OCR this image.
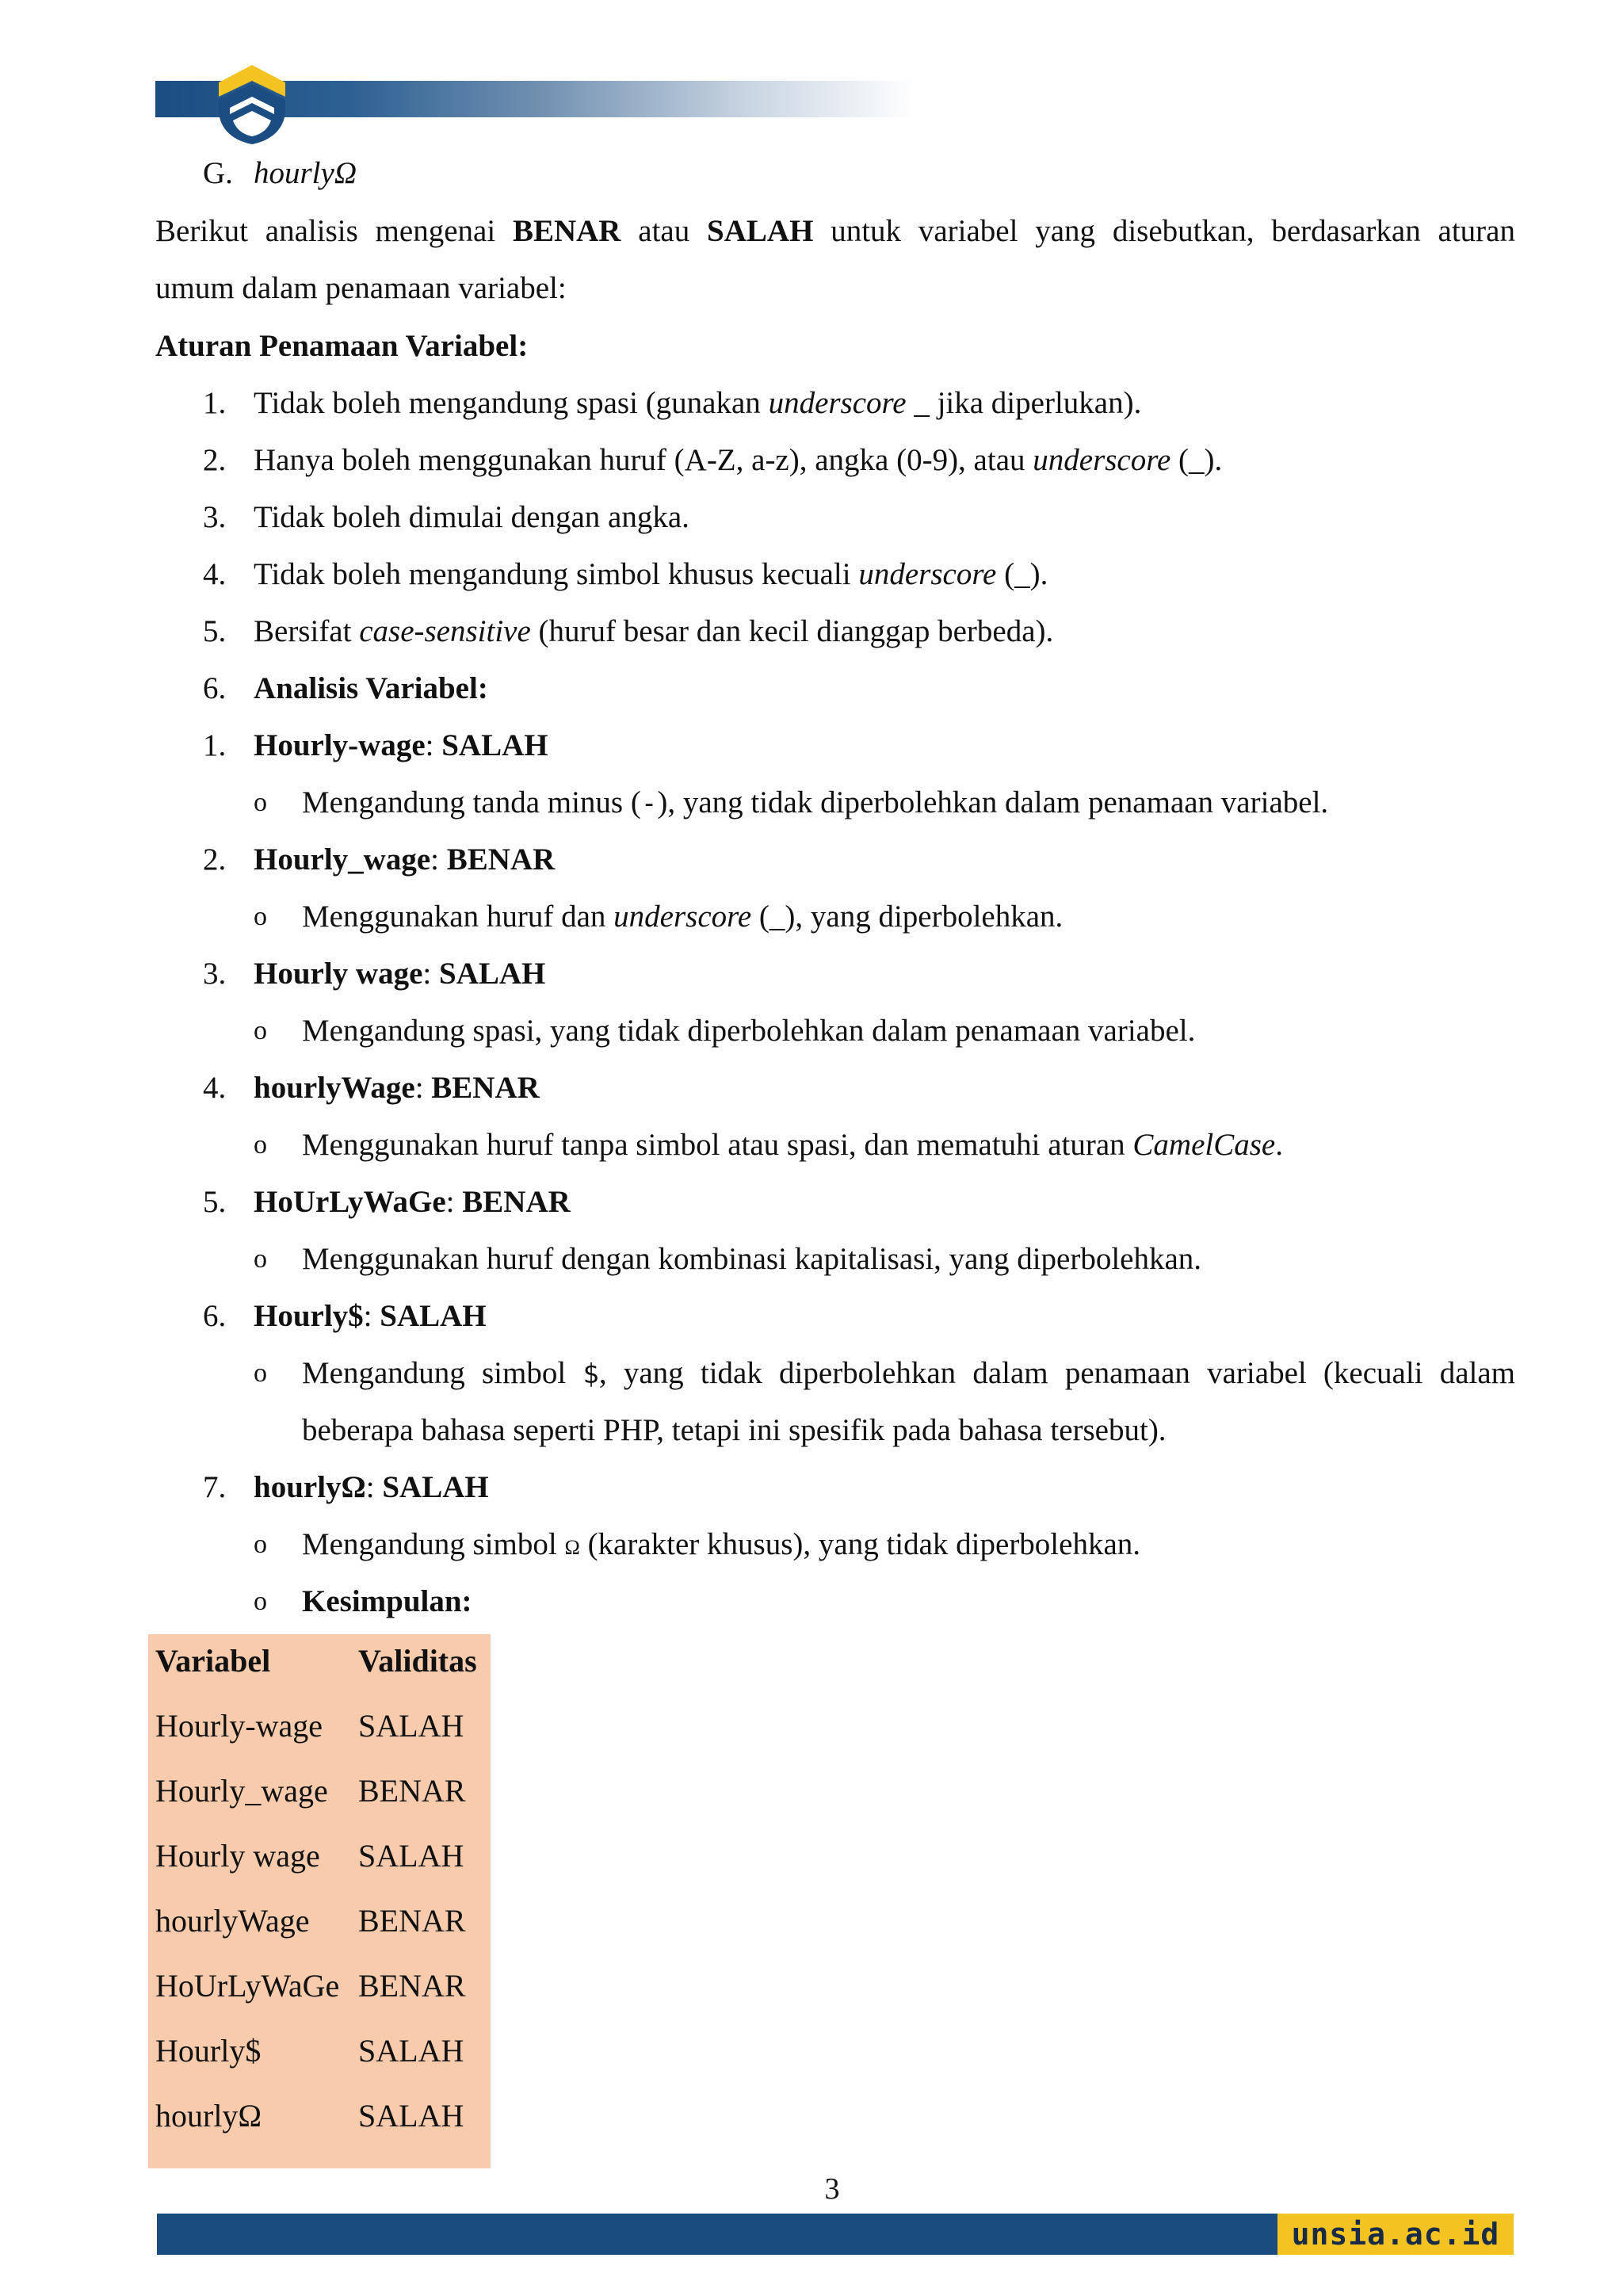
G. hourlyΩ
Berikut analisis mengenai BENAR atau SALAH untuk variabel yang disebutkan, berdasarkan aturan
umum dalam penamaan variabel:
Aturan Penamaan Variabel:
1. Tidak boleh mengandung spasi (gunakan underscore _ jika diperlukan).
2. Hanya boleh menggunakan huruf (A-Z, a-z), angka (0-9), atau underscore (_).
3. Tidak boleh dimulai dengan angka.
4. Tidak boleh mengandung simbol khusus kecuali underscore (_).
5. Bersifat case-sensitive (huruf besar dan kecil dianggap berbeda).
6. Analisis Variabel:
1. Hourly-wage: SALAH
o Mengandung tanda minus (-), yang tidak diperbolehkan dalam penamaan variabel.
2. Hourly_wage: BENAR
o Menggunakan huruf dan underscore (_), yang diperbolehkan.
3. Hourly wage: SALAH
o Mengandung spasi, yang tidak diperbolehkan dalam penamaan variabel.
4. hourlyWage: BENAR
o Menggunakan huruf tanpa simbol atau spasi, dan mematuhi aturan CamelCase.
5. HoUrLyWaGe: BENAR
o Menggunakan huruf dengan kombinasi kapitalisasi, yang diperbolehkan.
6. Hourly$: SALAH
o Mengandung simbol $, yang tidak diperbolehkan dalam penamaan variabel (kecuali dalam
beberapa bahasa seperti PHP, tetapi ini spesifik pada bahasa tersebut).
7. hourlyΩ: SALAH
o Mengandung simbol Ω (karakter khusus), yang tidak diperbolehkan.
o Kesimpulan:
Variabel	Validitas
Hourly-wage SALAH
Hourly_wage BENAR
Hourly wage SALAH
hourlyWage BENAR
HoUrLyWaGe BENAR
Hourly$	SALAH
hourlyΩ	SALAH
3
unsia.ac.id
